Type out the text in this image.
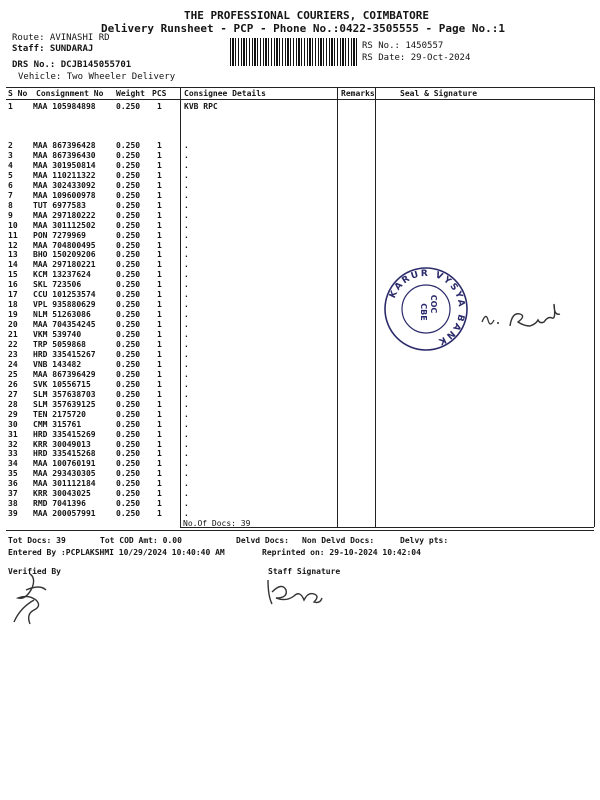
THE PROFESSIONAL COURIERS, COIMBATORE
Delivery Runsheet - PCP - Phone No.:0422-3505555 - Page No.:1
Route: AVINASHI RD
Staff: SUNDARAJ
DRS No.: DCJB145055701
Vehicle: Two Wheeler Delivery
RS No.: 1450557
RS Date: 29-Oct-2024
S No Consignment No Weight PCS Consignee Details	Remarks	Seal & Signature
1	MAA 105984898	0.250 1	KVB RPC
2	MAA 867396428	0.250 1	.
3	MAA 867396430	0.250 1	.
4	MAA 301950814	0.250 1	.
5	MAA 110211322	0.250 1	.
6	MAA 302433092	0.250 1	.
7	MAA 109600978	0.250 1	.
8	TUT 6977583	0.250 1	.
9	MAA 297180222	0.250 1	.
10 MAA 301112502	0.250 1	.
11 PON 7279969	0.250 1	.
12 MAA 704800495	0.250 1	.
13 BHO 150209206	0.250 1	.
14 MAA 297180221	0.250 1	.
15 KCM 13237624	0.250 1	.
16 SKL 723506	0.250 1	.
17 CCU 101253574	0.250 1	.
18 VPL 935880629	0.250 1	.
19 NLM 51263086	0.250 1	.
20 MAA 704354245	0.250 1	.
21 VKM 539740	0.250 1	.
22 TRP 5059868	0.250 1	.
23 HRD 335415267	0.250 1	.
24 VNB 143482	0.250 1	.
25 MAA 867396429	0.250 1	.
26 SVK 10556715	0.250 1	.
27 SLM 357638703	0.250 1	.
28 SLM 357639125	0.250 1	.
29 TEN 2175720	0.250 1	.
30 CMM 315761	0.250 1	.
31 HRD 335415269	0.250 1	.
32 KRR 30049013	0.250 1	.
33 HRD 335415268	0.250 1	.
34 MAA 100760191	0.250 1	.
35 MAA 293430305	0.250 1	.
36 MAA 301112184	0.250 1	.
37 KRR 30043025	0.250 1	.
38 RMD 7041396	0.250 1	.
39 MAA 200057991	0.250 1	.
No.Of Docs: 39
KARUR VYSYA BANK
COC
CBE
Tot Docs: 39	Tot COD Amt: 0.00	Delvd Docs: Non Delvd Docs:	Delvy pts:
Entered By :PCPLAKSHMI 10/29/2024 10:40:40 AM	Reprinted on: 29-10-2024 10:42:04
Verified By	Staff Signature
